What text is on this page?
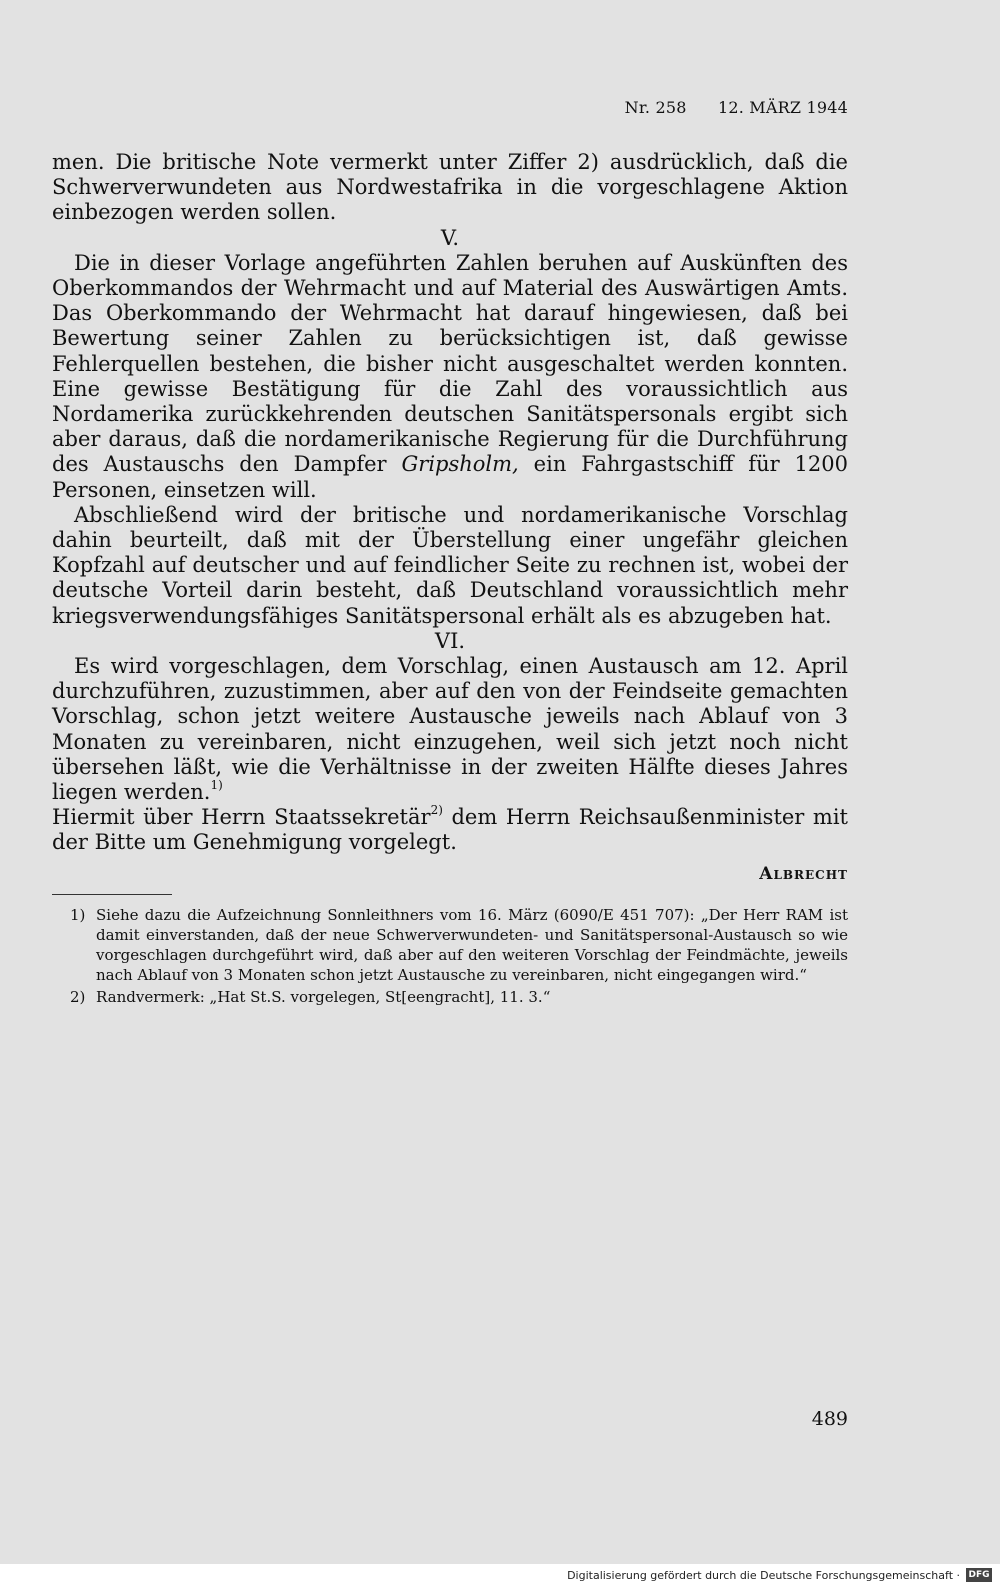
Nr. 258 12. MÄRZ 1944

men. Die britische Note vermerkt unter Ziffer 2) ausdrücklich, daß die Schwerverwundeten aus Nordwestafrika in die vorgeschlagene Aktion einbezogen werden sollen.

V.

Die in dieser Vorlage angeführten Zahlen beruhen auf Auskünften des Oberkommandos der Wehrmacht und auf Material des Auswärtigen Amts. Das Oberkommando der Wehrmacht hat darauf hingewiesen, daß bei Bewertung seiner Zahlen zu berücksichtigen ist, daß gewisse Fehlerquellen bestehen, die bisher nicht ausgeschaltet werden konnten. Eine gewisse Bestätigung für die Zahl des voraussichtlich aus Nordamerika zurückkehrenden deutschen Sanitätspersonals ergibt sich aber daraus, daß die nordamerikanische Regierung für die Durchführung des Austauschs den Dampfer Gripsholm, ein Fahrgastschiff für 1200 Personen, einsetzen will.

Abschließend wird der britische und nordamerikanische Vorschlag dahin beurteilt, daß mit der Überstellung einer ungefähr gleichen Kopfzahl auf deutscher und auf feindlicher Seite zu rechnen ist, wobei der deutsche Vorteil darin besteht, daß Deutschland voraussichtlich mehr kriegsverwendungsfähiges Sanitätspersonal erhält als es abzugeben hat.

VI.

Es wird vorgeschlagen, dem Vorschlag, einen Austausch am 12. April durchzuführen, zuzustimmen, aber auf den von der Feindseite gemachten Vorschlag, schon jetzt weitere Austausche jeweils nach Ablauf von 3 Monaten zu vereinbaren, nicht einzugehen, weil sich jetzt noch nicht übersehen läßt, wie die Verhältnisse in der zweiten Hälfte dieses Jahres liegen werden.$^{1)}$

Hiermit über Herrn Staatssekretär$^{2)}$ dem Herrn Reichsaußenminister mit der Bitte um Genehmigung vorgelegt.

Albrecht
1) Siehe dazu die Aufzeichnung Sonnleithners vom 16. März (6090/E 451 707): „Der Herr RAM ist damit einverstanden, daß der neue Schwerverwundeten- und Sanitätspersonal-Austausch so wie vorgeschlagen durchgeführt wird, daß aber auf den weiteren Vorschlag der Feindmächte, jeweils nach Ablauf von 3 Monaten schon jetzt Austausche zu vereinbaren, nicht eingegangen wird.“
2) Randvermerk: „Hat St.S. vorgelegen, St[eengracht], 11. 3.“
489
Digitalisierung gefördert durch die Deutsche Forschungsgemeinschaft · DFG
